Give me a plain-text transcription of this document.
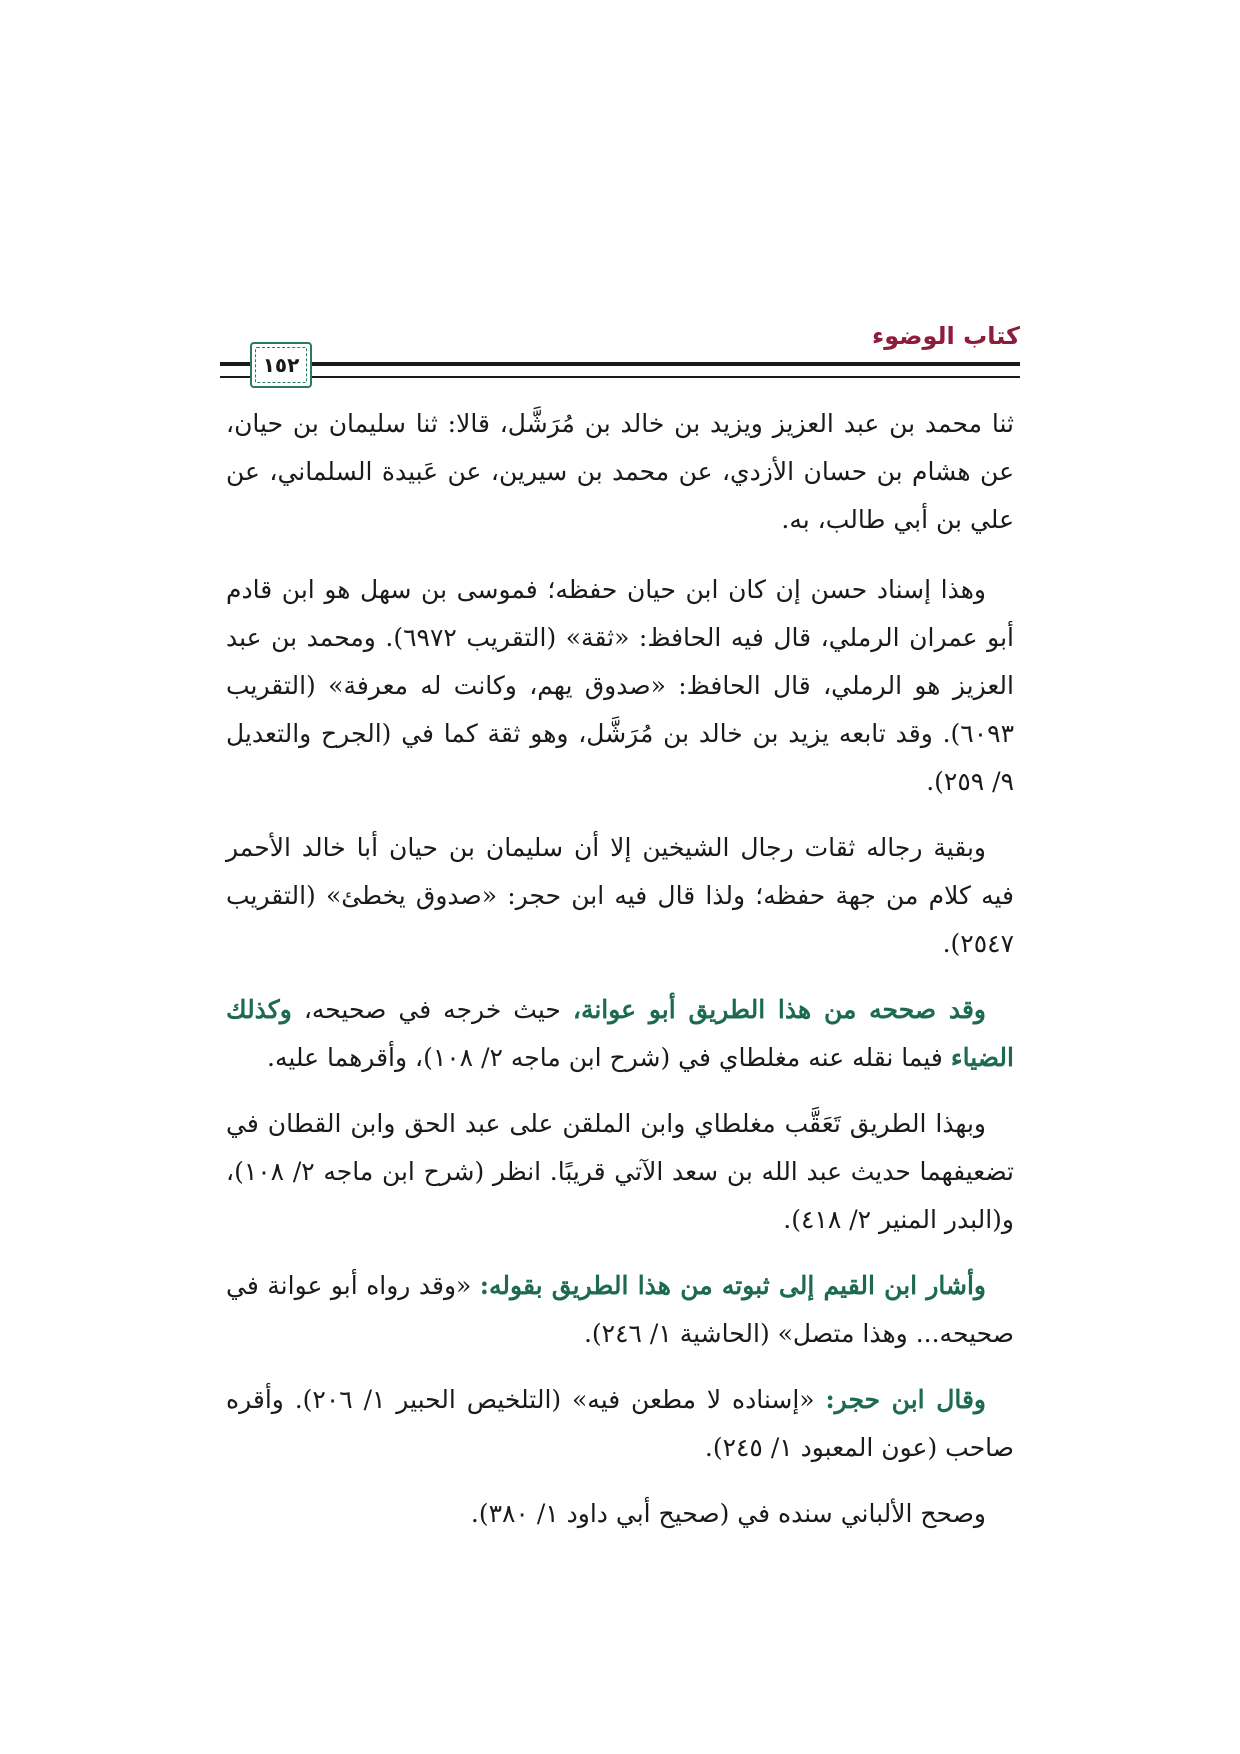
١٥٢
كتاب الوضوء

ثنا محمد بن عبد العزيز ويزيد بن خالد بن مُرَشَّل، قالا: ثنا سليمان بن حيان، عن هشام بن حسان الأزدي، عن محمد بن سيرين، عن عَبيدة السلماني، عن علي بن أبي طالب، به.

وهذا إسناد حسن إن كان ابن حيان حفظه؛ فموسى بن سهل هو ابن قادم أبو عمران الرملي، قال فيه الحافظ: «ثقة» (التقريب ٦٩٧٢). ومحمد بن عبد العزيز هو الرملي، قال الحافظ: «صدوق يهم، وكانت له معرفة» (التقريب ٦٠٩٣). وقد تابعه يزيد بن خالد بن مُرَشَّل، وهو ثقة كما في (الجرح والتعديل ٩/ ٢٥٩).

وبقية رجاله ثقات رجال الشيخين إلا أن سليمان بن حيان أبا خالد الأحمر فيه كلام من جهة حفظه؛ ولذا قال فيه ابن حجر: «صدوق يخطئ» (التقريب ٢٥٤٧).

وقد صححه من هذا الطريق أبو عوانة، حيث خرجه في صحيحه، وكذلك الضياء فيما نقله عنه مغلطاي في (شرح ابن ماجه ٢/ ١٠٨)، وأقرهما عليه.

وبهذا الطريق تَعَقَّب مغلطاي وابن الملقن على عبد الحق وابن القطان في تضعيفهما حديث عبد الله بن سعد الآتي قريبًا. انظر (شرح ابن ماجه ٢/ ١٠٨)، و(البدر المنير ٢/ ٤١٨).

وأشار ابن القيم إلى ثبوته من هذا الطريق بقوله: «وقد رواه أبو عوانة في صحيحه... وهذا متصل» (الحاشية ١/ ٢٤٦).

وقال ابن حجر: «إسناده لا مطعن فيه» (التلخيص الحبير ١/ ٢٠٦). وأقره صاحب (عون المعبود ١/ ٢٤٥).

وصحح الألباني سنده في (صحيح أبي داود ١/ ٣٨٠).
